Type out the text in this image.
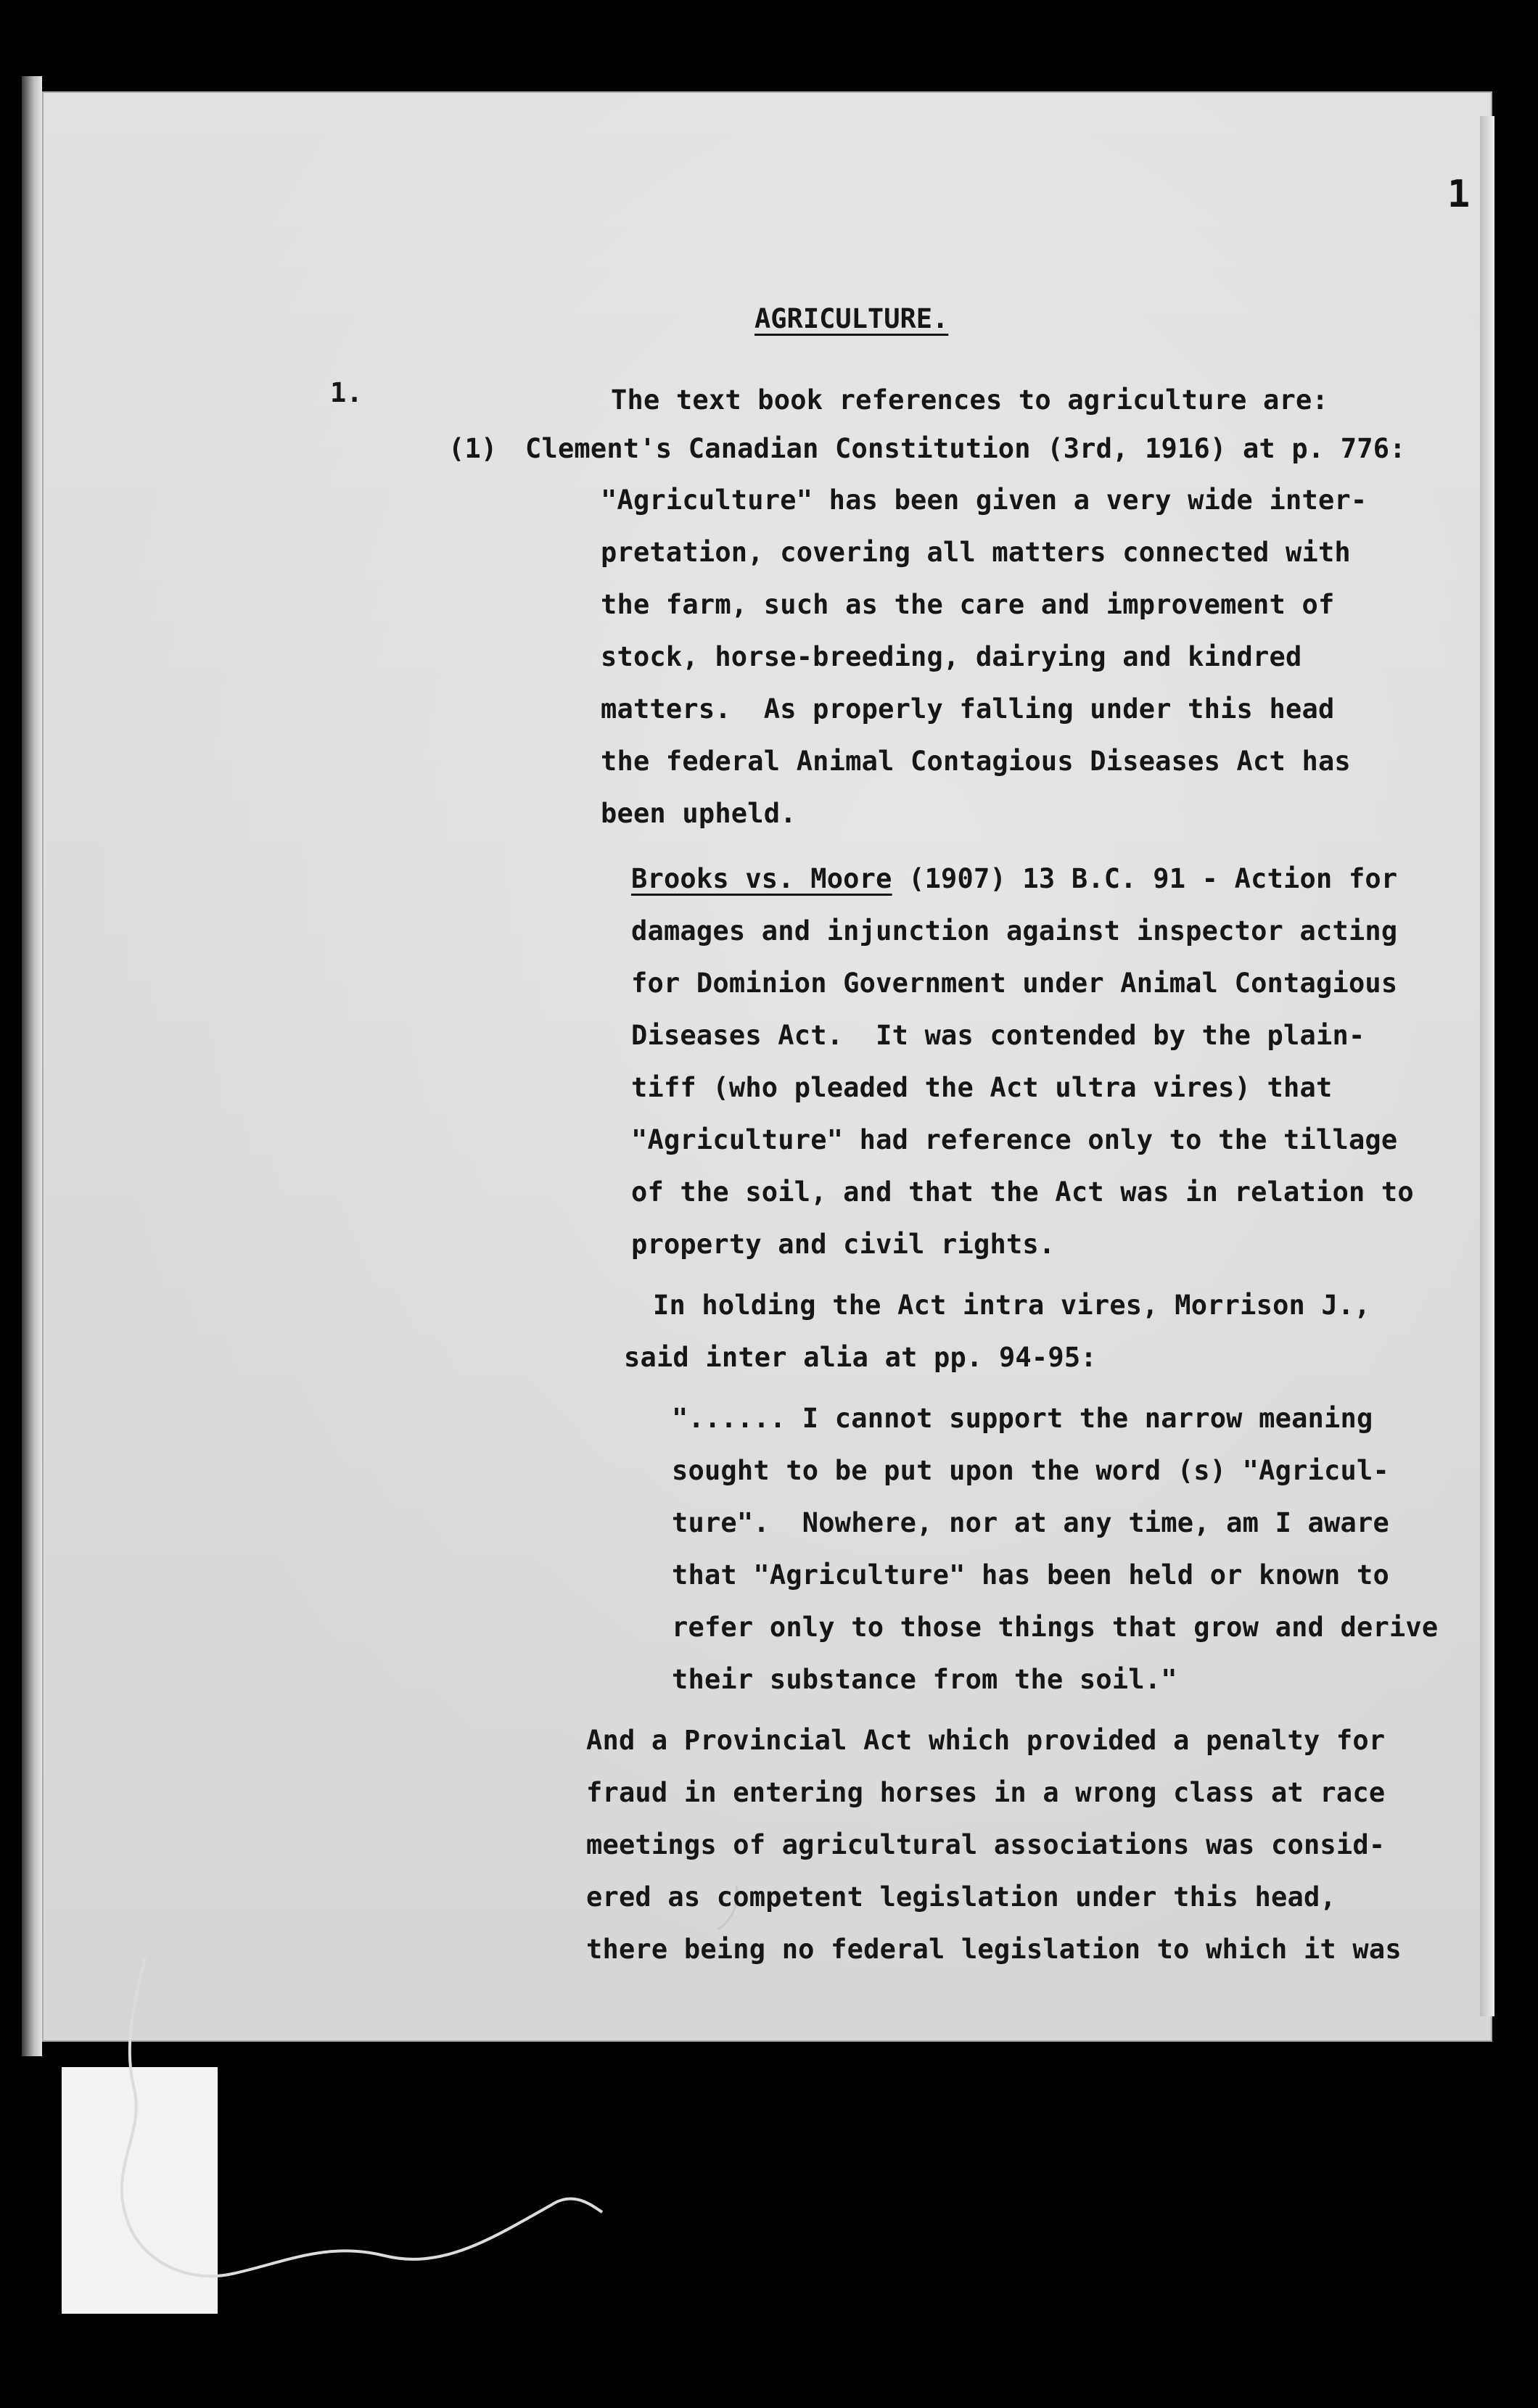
1
AGRICULTURE.
1.	The text book references to agriculture are:
(1) Clement's Canadian Constitution (3rd, 1916) at p. 776:
"Agriculture" has been given a very wide inter-
pretation, covering all matters connected with
the farm, such as the care and improvement of
stock, horse-breeding, dairying and kindred
matters.  As properly falling under this head
the federal Animal Contagious Diseases Act has
been upheld.
Brooks vs. Moore (1907) 13 B.C. 91 - Action for
damages and injunction against inspector acting
for Dominion Government under Animal Contagious
Diseases Act.  It was contended by the plain-
tiff (who pleaded the Act ultra vires) that
"Agriculture" had reference only to the tillage
of the soil, and that the Act was in relation to
property and civil rights.
In holding the Act intra vires, Morrison J.,
said inter alia at pp. 94-95:
"...... I cannot support the narrow meaning
sought to be put upon the word (s) "Agricul-
ture".  Nowhere, nor at any time, am I aware
that "Agriculture" has been held or known to
refer only to those things that grow and derive
their substance from the soil."
And a Provincial Act which provided a penalty for
fraud in entering horses in a wrong class at race
meetings of agricultural associations was consid-
ered as competent legislation under this head,
there being no federal legislation to which it was
